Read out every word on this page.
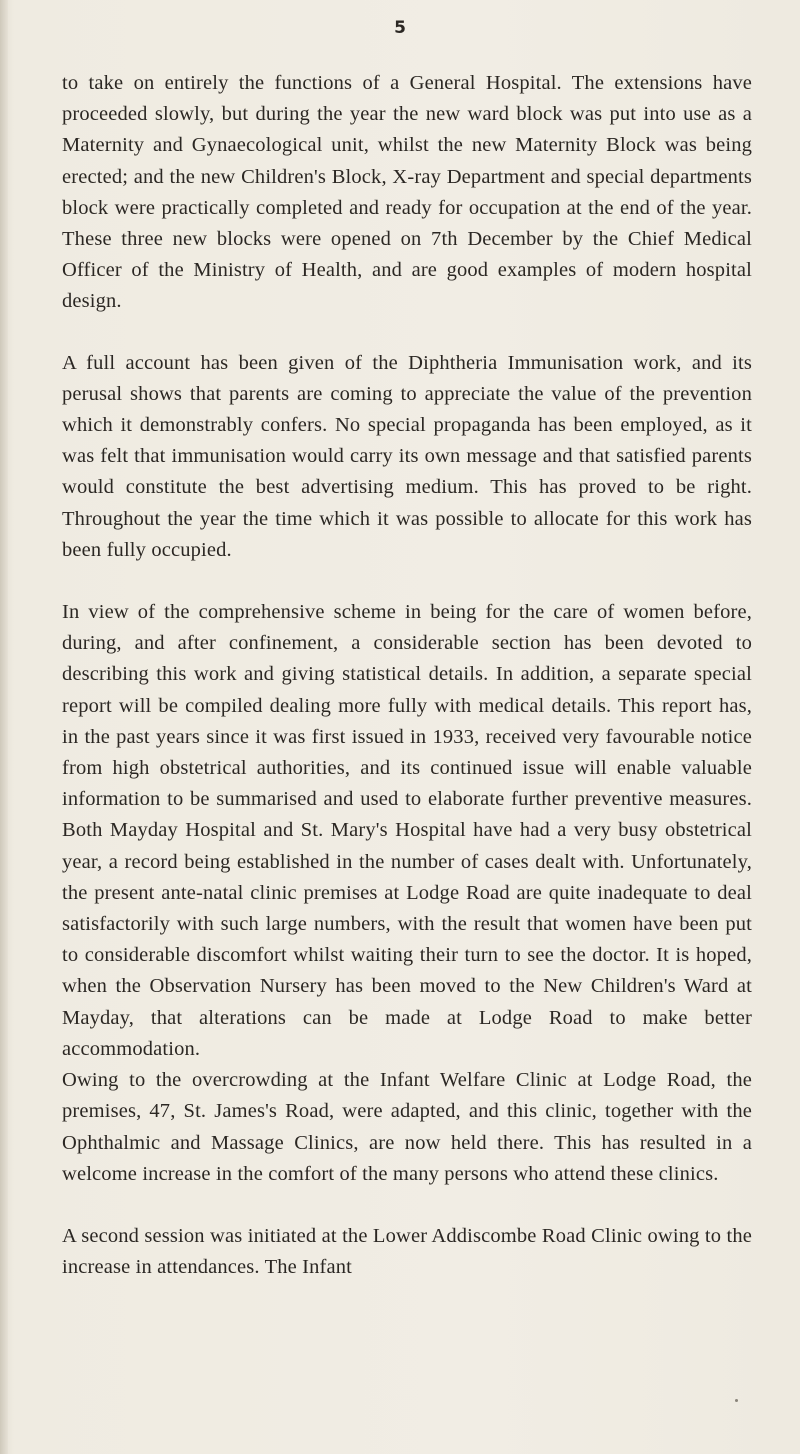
5

to take on entirely the functions of a General Hospital. The extensions have proceeded slowly, but during the year the new ward block was put into use as a Maternity and Gynaecological unit, whilst the new Maternity Block was being erected; and the new Children's Block, X-ray Department and special departments block were practically completed and ready for occupation at the end of the year. These three new blocks were opened on 7th December by the Chief Medical Officer of the Ministry of Health, and are good examples of modern hospital design.

A full account has been given of the Diphtheria Immunisation work, and its perusal shows that parents are coming to appreciate the value of the prevention which it demonstrably confers. No special propaganda has been employed, as it was felt that immunisation would carry its own message and that satisfied parents would constitute the best advertising medium. This has proved to be right. Throughout the year the time which it was possible to allocate for this work has been fully occupied.

In view of the comprehensive scheme in being for the care of women before, during, and after confinement, a considerable section has been devoted to describing this work and giving statistical details. In addition, a separate special report will be compiled dealing more fully with medical details. This report has, in the past years since it was first issued in 1933, received very favourable notice from high obstetrical authorities, and its continued issue will enable valuable information to be summarised and used to elaborate further preventive measures. Both Mayday Hospital and St. Mary's Hospital have had a very busy obstetrical year, a record being established in the number of cases dealt with. Unfortunately, the present ante-natal clinic premises at Lodge Road are quite inadequate to deal satisfactorily with such large numbers, with the result that women have been put to considerable discomfort whilst waiting their turn to see the doctor. It is hoped, when the Observation Nursery has been moved to the New Children's Ward at Mayday, that alterations can be made at Lodge Road to make better accommodation.

Owing to the overcrowding at the Infant Welfare Clinic at Lodge Road, the premises, 47, St. James's Road, were adapted, and this clinic, together with the Ophthalmic and Massage Clinics, are now held there. This has resulted in a welcome increase in the comfort of the many persons who attend these clinics.

A second session was initiated at the Lower Addiscombe Road Clinic owing to the increase in attendances. The Infant
